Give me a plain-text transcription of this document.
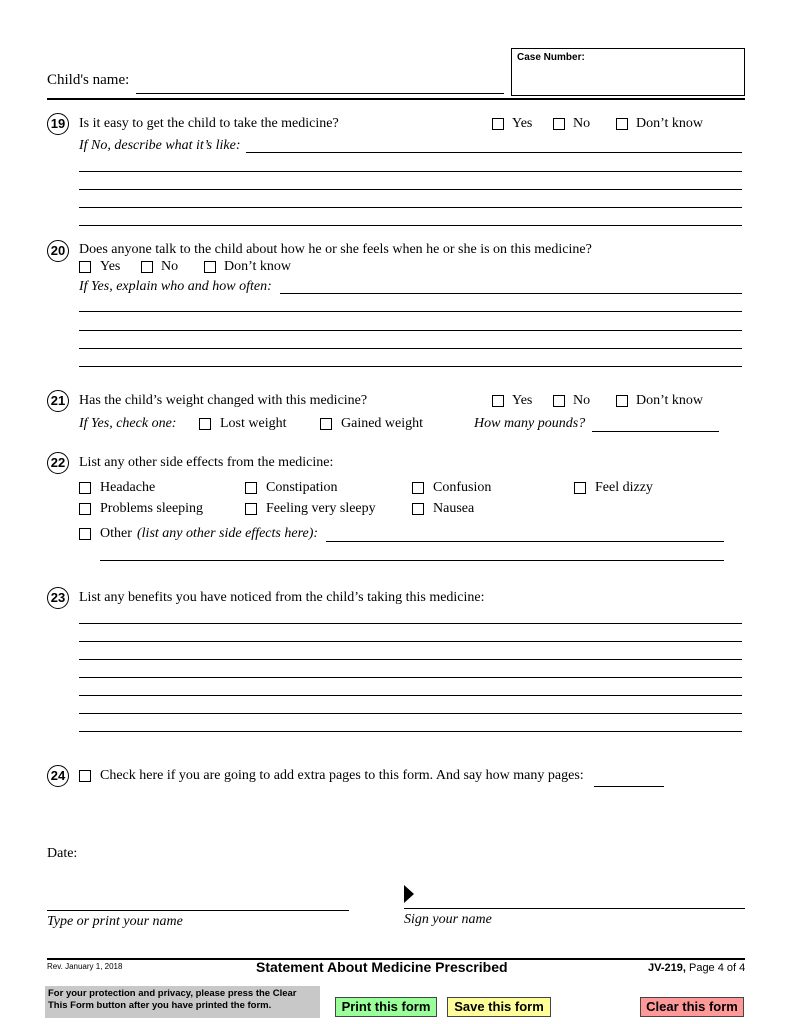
Case Number:
Child's name:
19 Is it easy to get the child to take the medicine?	Yes	No	Don’t know
If No, describe what it’s like:
20 Does anyone talk to the child about how he or she feels when he or she is on this medicine?
Yes	No	Don’t know
If Yes, explain who and how often:
21 Has the child’s weight changed with this medicine?	Yes	No	Don’t know
If Yes, check one:	Lost weight	Gained weight	How many pounds?
22 List any other side effects from the medicine:
Headache	Constipation	Confusion	Feel dizzy
Problems sleeping	Feeling very sleepy	Nausea
Other (list any other side effects here):
23 List any benefits you have noticed from the child’s taking this medicine:
24 Check here if you are going to add extra pages to this form. And say how many pages:
Date:
Type or print your name	Sign your name
Rev. January 1, 2018	Statement About Medicine Prescribed	JV-219, Page 4 of 4
For your protection and privacy, please press the Clear This Form button after you have printed the form.	Print this form	Save this form	Clear this form
